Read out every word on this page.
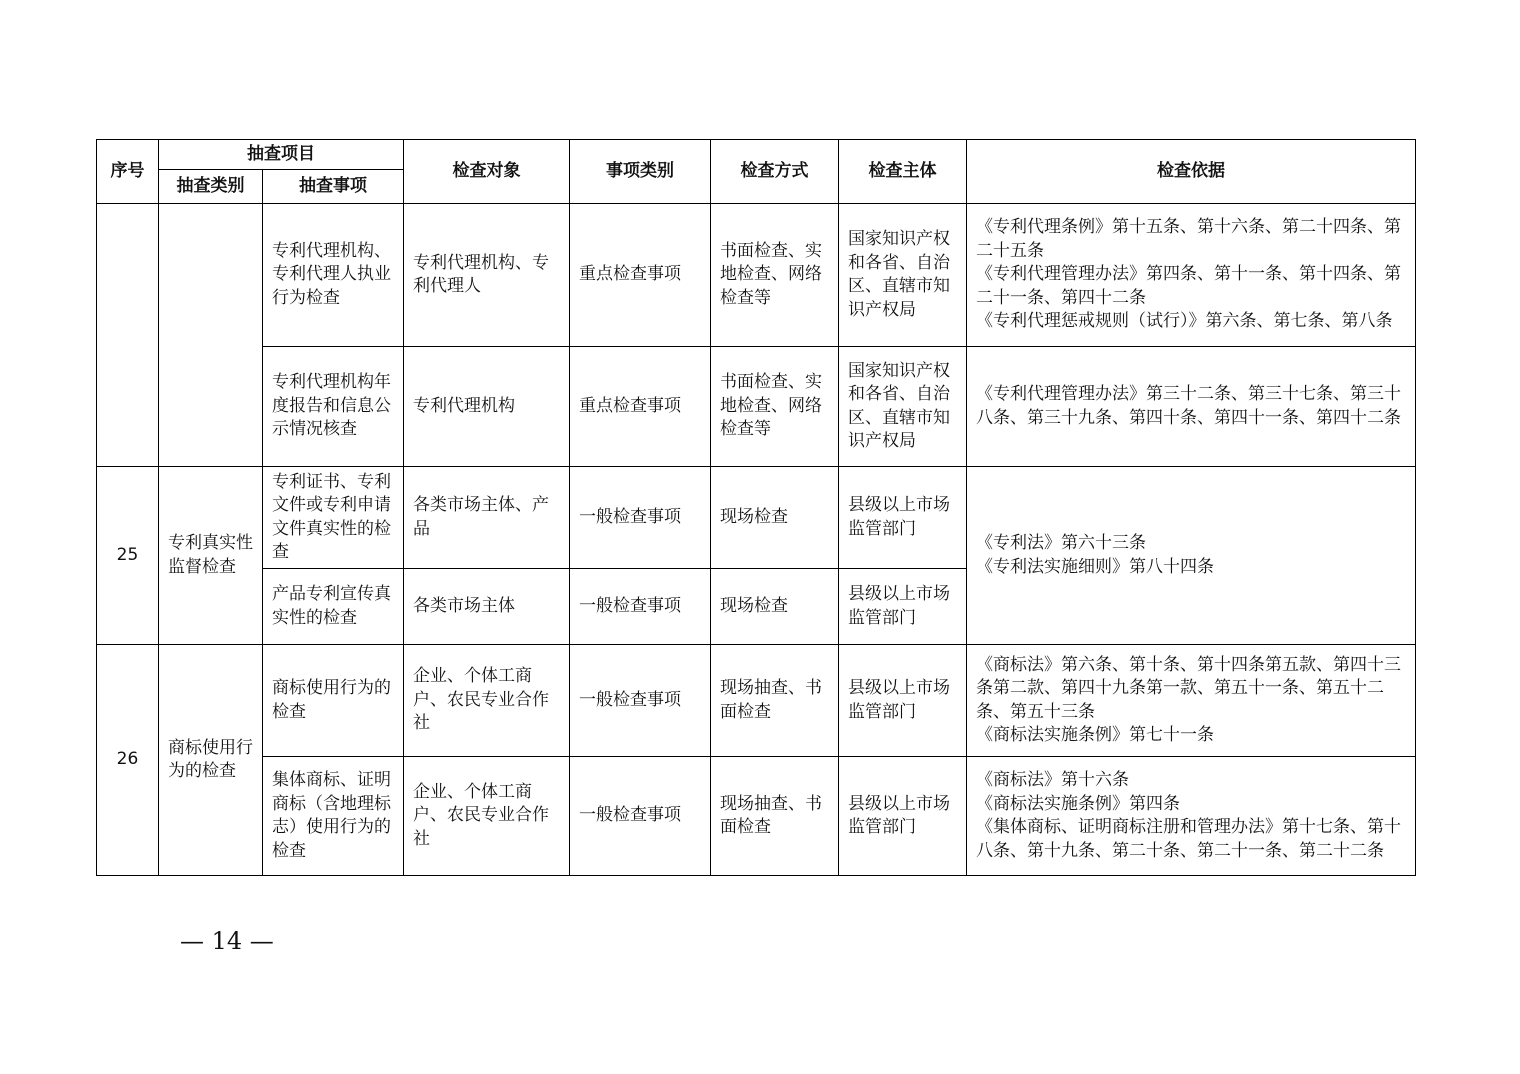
序号	抽查项目		检查对象	事项类别	检查方式	检查主体	检查依据
	抽查类别	抽查事项					
		专利代理机构、专利代理人执业行为检查	专利代理机构、专利代理人	重点检查事项	书面检查、实地检查、网络检查等	国家知识产权和各省、自治区、直辖市知识产权局	《专利代理条例》第十五条、第十六条、第二十四条、第二十五条
《专利代理管理办法》第四条、第十一条、第十四条、第二十一条、第四十二条
《专利代理惩戒规则（试行）》第六条、第七条、第八条

		专利代理机构年度报告和信息公示情况核查	专利代理机构	重点检查事项	书面检查、实地检查、网络检查等	国家知识产权和各省、自治区、直辖市知识产权局	《专利代理管理办法》第三十二条、第三十七条、第三十八条、第三十九条、第四十条、第四十一条、第四十二条

25	专利真实性监督检查	专利证书、专利文件或专利申请文件真实性的检查	各类市场主体、产品	一般检查事项	现场检查	县级以上市场监管部门	《专利法》第六十三条
《专利法实施细则》第八十四条

		产品专利宣传真实性的检查	各类市场主体	一般检查事项	现场检查	县级以上市场监管部门	
26	商标使用行为的检查	商标使用行为的检查	企业、个体工商户、农民专业合作社	一般检查事项	现场抽查、书面检查	县级以上市场监管部门	《商标法》第六条、第十条、第十四条第五款、第四十三条第二款、第四十九条第一款、第五十一条、第五十二条、第五十三条
《商标法实施条例》第七十一条

		集体商标、证明商标（含地理标志）使用行为的检查	企业、个体工商户、农民专业合作社	一般检查事项	现场抽查、书面检查	县级以上市场监管部门	《商标法》第十六条
《商标法实施条例》第四条
《集体商标、证明商标注册和管理办法》第十七条、第十八条、第十九条、第二十条、第二十一条、第二十二条
— 14 —
